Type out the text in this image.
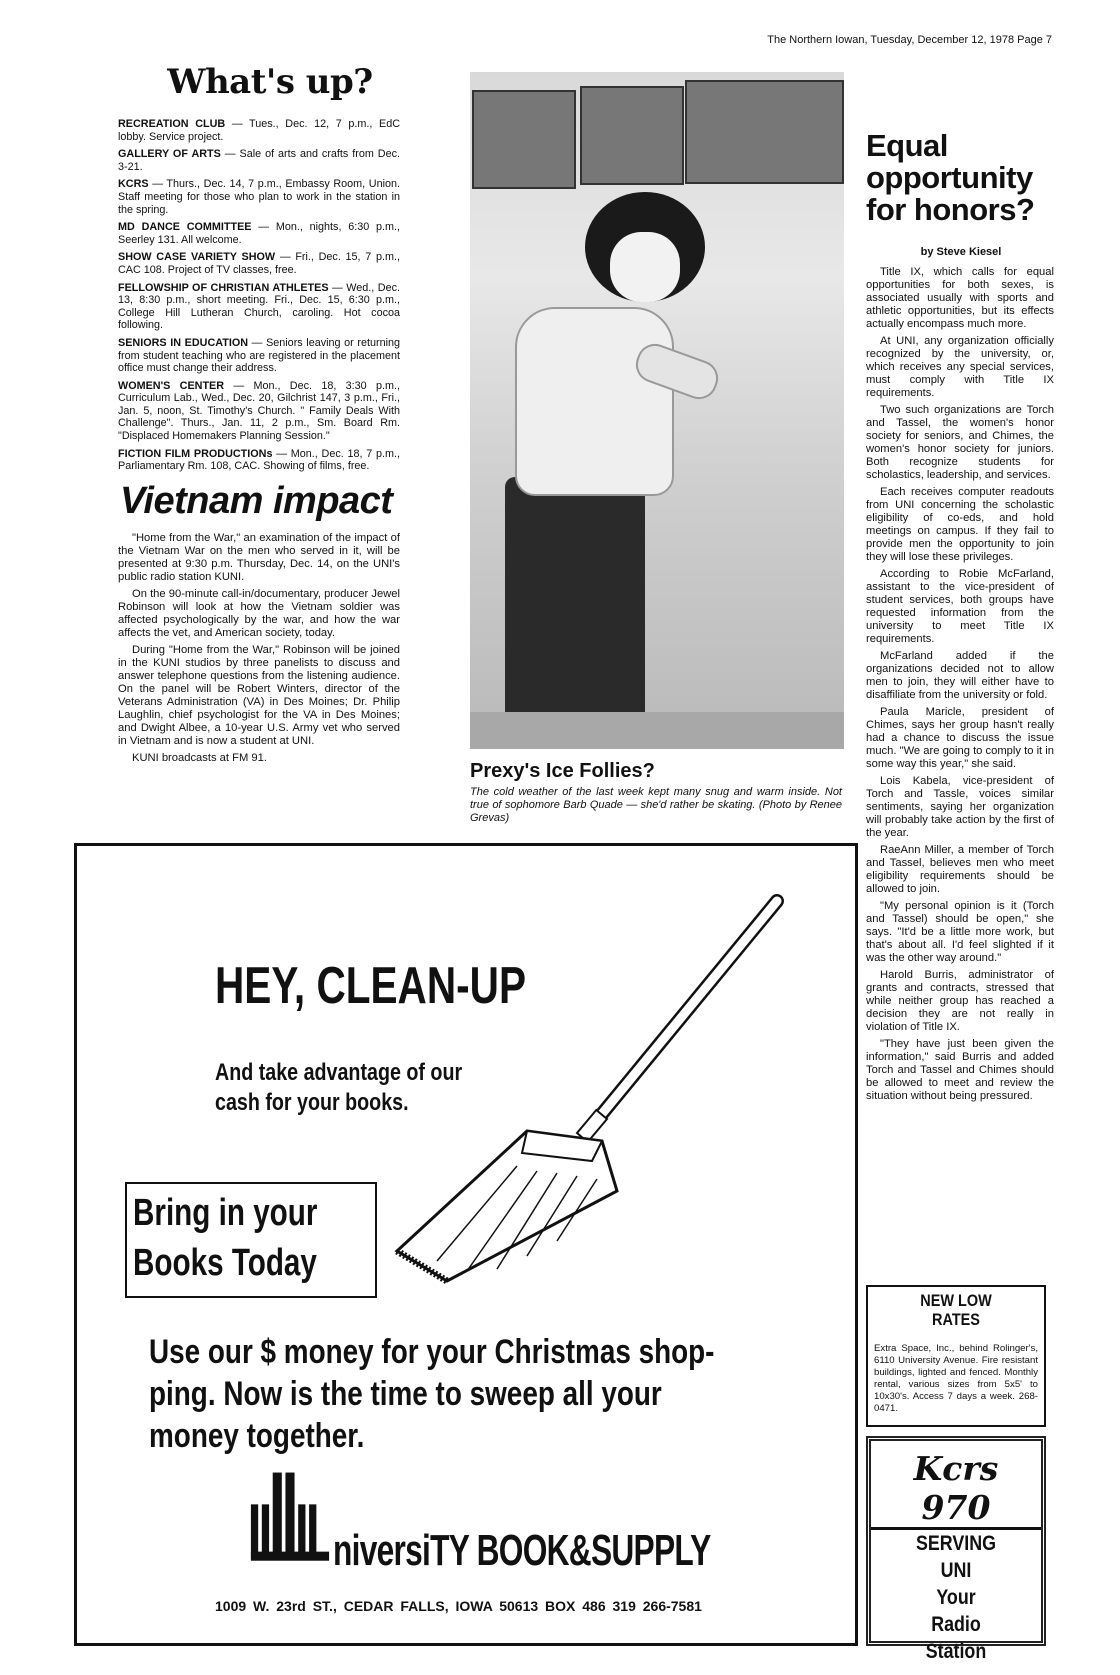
The Northern Iowan, Tuesday, December 12, 1978 Page 7
What's up?

RECREATION CLUB — Tues., Dec. 12, 7 p.m., EdC lobby. Service project.

GALLERY OF ARTS — Sale of arts and crafts from Dec. 3-21.

KCRS — Thurs., Dec. 14, 7 p.m., Embassy Room, Union. Staff meeting for those who plan to work in the station in the spring.

MD DANCE COMMITTEE — Mon., nights, 6:30 p.m., Seerley 131. All welcome.

SHOW CASE VARIETY SHOW — Fri., Dec. 15, 7 p.m., CAC 108. Project of TV classes, free.

FELLOWSHIP OF CHRISTIAN ATHLETES — Wed., Dec. 13, 8:30 p.m., short meeting. Fri., Dec. 15, 6:30 p.m., College Hill Lutheran Church, caroling. Hot cocoa following.

SENIORS IN EDUCATION — Seniors leaving or returning from student teaching who are registered in the placement office must change their address.

WOMEN'S CENTER — Mon., Dec. 18, 3:30 p.m., Curriculum Lab., Wed., Dec. 20, Gilchrist 147, 3 p.m., Fri., Jan. 5, noon, St. Timothy's Church. " Family Deals With Challenge". Thurs., Jan. 11, 2 p.m., Sm. Board Rm. "Displaced Homemakers Planning Session."

FICTION FILM PRODUCTIONs — Mon., Dec. 18, 7 p.m., Parliamentary Rm. 108, CAC. Showing of films, free.

Vietnam impact

"Home from the War," an examination of the impact of the Vietnam War on the men who served in it, will be presented at 9:30 p.m. Thursday, Dec. 14, on the UNI's public radio station KUNI.

On the 90-minute call-in/documentary, producer Jewel Robinson will look at how the Vietnam soldier was affected psychologically by the war, and how the war affects the vet, and American society, today.

During "Home from the War," Robinson will be joined in the KUNI studios by three panelists to discuss and answer telephone questions from the listening audience. On the panel will be Robert Winters, director of the Veterans Administration (VA) in Des Moines; Dr. Philip Laughlin, chief psychologist for the VA in Des Moines; and Dwight Albee, a 10-year U.S. Army vet who served in Vietnam and is now a student at UNI.

KUNI broadcasts at FM 91.

Prexy's Ice Follies?
The cold weather of the last week kept many snug and warm inside. Not true of sophomore Barb Quade — she'd rather be skating. (Photo by Renee Grevas)
Equal
opportunity
for honors?
by Steve Kiesel

Title IX, which calls for equal opportunities for both sexes, is associated usually with sports and athletic opportunities, but its effects actually encompass much more.

At UNI, any organization officially recognized by the university, or, which receives any special services, must comply with Title IX requirements.

Two such organizations are Torch and Tassel, the women's honor society for seniors, and Chimes, the women's honor society for juniors. Both recognize students for scholastics, leadership, and services.

Each receives computer readouts from UNI concerning the scholastic eligibility of co-eds, and hold meetings on campus. If they fail to provide men the opportunity to join they will lose these privileges.

According to Robie McFarland, assistant to the vice-president of student services, both groups have requested information from the university to meet Title IX requirements.

McFarland added if the organizations decided not to allow men to join, they will either have to disaffiliate from the university or fold.

Paula Maricle, president of Chimes, says her group hasn't really had a chance to discuss the issue much. "We are going to comply to it in some way this year," she said.

Lois Kabela, vice-president of Torch and Tassle, voices similar sentiments, saying her organization will probably take action by the first of the year.

RaeAnn Miller, a member of Torch and Tassel, believes men who meet eligibility requirements should be allowed to join.

"My personal opinion is it (Torch and Tassel) should be open," she says. "It'd be a little more work, but that's about all. I'd feel slighted if it was the other way around."

Harold Burris, administrator of grants and contracts, stressed that while neither group has reached a decision they are not really in violation of Title IX.

"They have just been given the information," said Burris and added Torch and Tassel and Chimes should be allowed to meet and review the situation without being pressured.

HEY, CLEAN-UP
And take advantage of our
cash for your books.
Bring in your
Books Today
Use our $ money for your Christmas shop-
ping. Now is the time to sweep all your
money together.
niversiTY BOOK&SUPPLY
1009 W. 23rd ST., CEDAR FALLS, IOWA 50613 BOX 486 319 266-7581
NEW LOW
RATES
Extra Space, Inc., behind Rolinger's, 6110 University Avenue. Fire resistant buildings, lighted and fenced. Monthly rental, various sizes from 5x5' to 10x30's. Access 7 days a week. 268-0471.
Kcrs 970
SERVING
UNI
Your
Radio
Station
